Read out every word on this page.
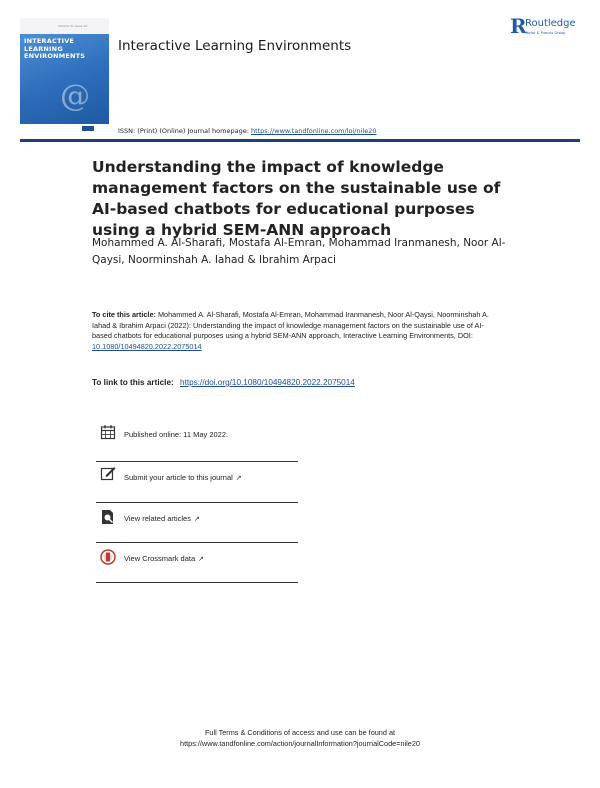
Volume 31 Issue 10
INTERACTIVE
LEARNING
ENVIRONMENTS
@
Interactive Learning Environments
R
Routledge
Taylor & Francis Group
ISSN: (Print) (Online) Journal homepage: https://www.tandfonline.com/loi/nile20
Understanding the impact of knowledge management factors on the sustainable use of AI-based chatbots for educational purposes using a hybrid SEM-ANN approach
Mohammed A. Al-Sharafi, Mostafa Al-Emran, Mohammad Iranmanesh, Noor Al-Qaysi, Noorminshah A. Iahad & Ibrahim Arpaci
To cite this article: Mohammed A. Al-Sharafi, Mostafa Al-Emran, Mohammad Iranmanesh, Noor Al-Qaysi, Noorminshah A. Iahad & Ibrahim Arpaci (2022): Understanding the impact of knowledge management factors on the sustainable use of AI-based chatbots for educational purposes using a hybrid SEM-ANN approach, Interactive Learning Environments, DOI: 10.1080/10494820.2022.2075014
To link to this article: https://doi.org/10.1080/10494820.2022.2075014
Published online: 11 May 2022.
Submit your article to this journal ↗
View related articles ↗
View Crossmark data ↗
Full Terms & Conditions of access and use can be found at
https://www.tandfonline.com/action/journalInformation?journalCode=nile20
